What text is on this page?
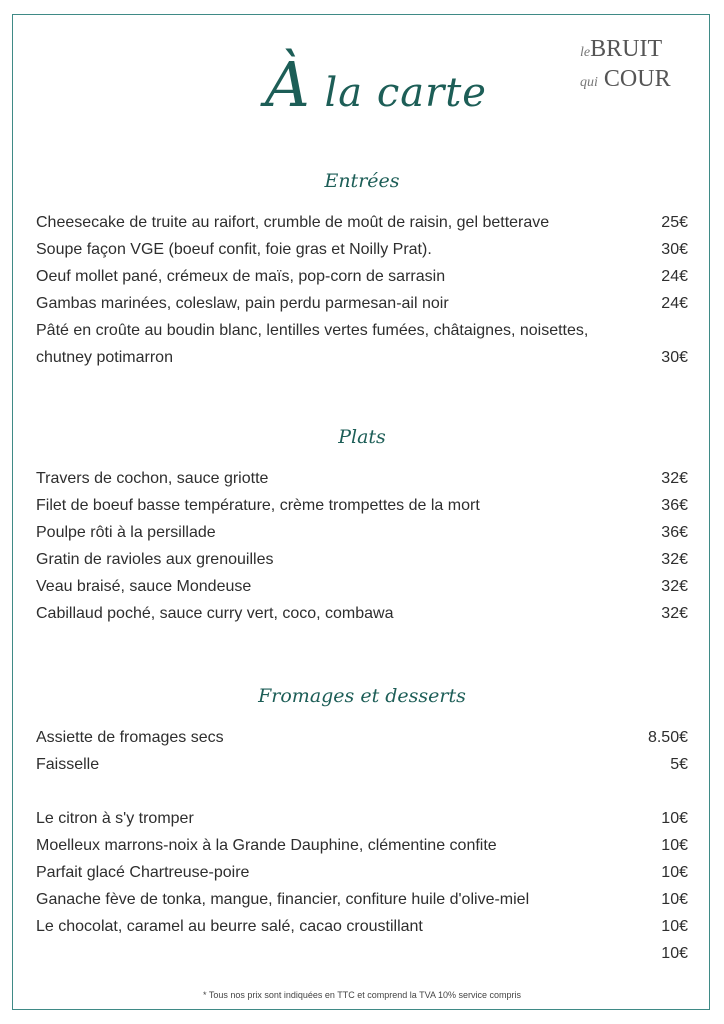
À la carte
leBRUIT
qui COUR
Entrées
Cheesecake de truite au raifort, crumble de moût de raisin, gel betterave	25€
Soupe façon VGE (boeuf confit, foie gras et Noilly Prat).	30€
Oeuf mollet pané, crémeux de maïs, pop-corn de sarrasin	24€
Gambas marinées, coleslaw, pain perdu parmesan-ail noir	24€
Pâté en croûte au boudin blanc, lentilles vertes fumées, châtaignes, noisettes, chutney potimarron	30€
Plats
Travers de cochon, sauce griotte	32€
Filet de boeuf basse température, crème trompettes de la mort	36€
Poulpe rôti à la persillade	36€
Gratin de ravioles aux grenouilles	32€
Veau braisé, sauce Mondeuse	32€
Cabillaud poché, sauce curry vert, coco, combawa	32€
Fromages et desserts
Assiette de fromages secs	8.50€
Faisselle	5€
Le citron à s'y tromper	10€
Moelleux marrons-noix à la Grande Dauphine, clémentine confite	10€
Parfait glacé Chartreuse-poire	10€
Ganache fève de tonka, mangue, financier, confiture huile d'olive-miel	10€
Le chocolat, caramel au beurre salé, cacao croustillant	10€
10€
* Tous nos prix sont indiquées en TTC et comprend la TVA 10% service compris
